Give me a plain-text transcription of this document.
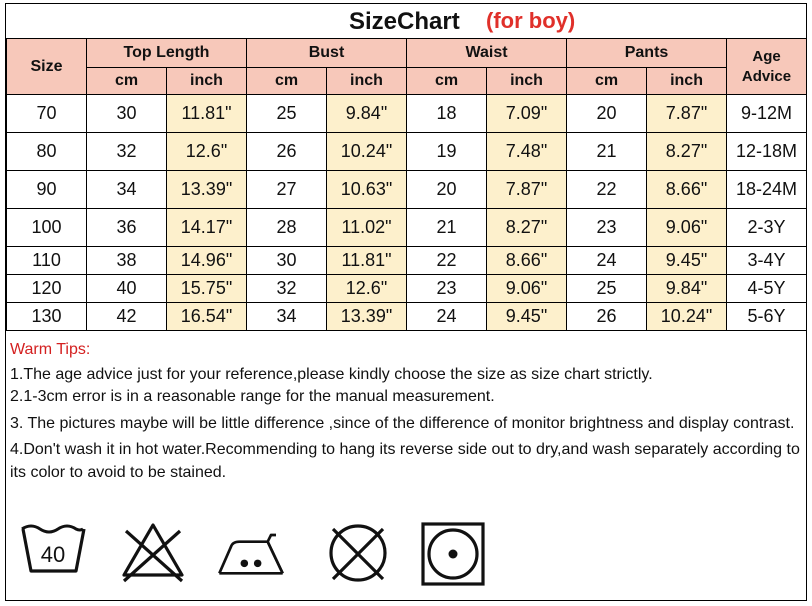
SizeChart (for boy)
Size	Top Length		Bust		Waist		Pants		Age
Advice
	cm	inch	cm	inch	cm	inch	cm	inch	
70	30	11.81"	25	9.84"	18	7.09"	20	7.87"	9-12M
80	32	12.6"	26	10.24"	19	7.48"	21	8.27"	12-18M
90	34	13.39"	27	10.63"	20	7.87"	22	8.66"	18-24M
100	36	14.17"	28	11.02"	21	8.27"	23	9.06"	2-3Y
110	38	14.96"	30	11.81"	22	8.66"	24	9.45"	3-4Y
120	40	15.75"	32	12.6"	23	9.06"	25	9.84"	4-5Y
130	42	16.54"	34	13.39"	24	9.45"	26	10.24"	5-6Y

Warm Tips:

1.The age advice just for your reference,please kindly choose the size as size chart strictly.

2.1-3cm error is in a reasonable range for the manual measurement.

3. The pictures maybe will be little difference ,since of the difference of monitor brightness and display contrast.

4.Don't wash it in hot water.Recommending to hang its reverse side out to dry,and wash separately according to its color to avoid to be stained.

40
